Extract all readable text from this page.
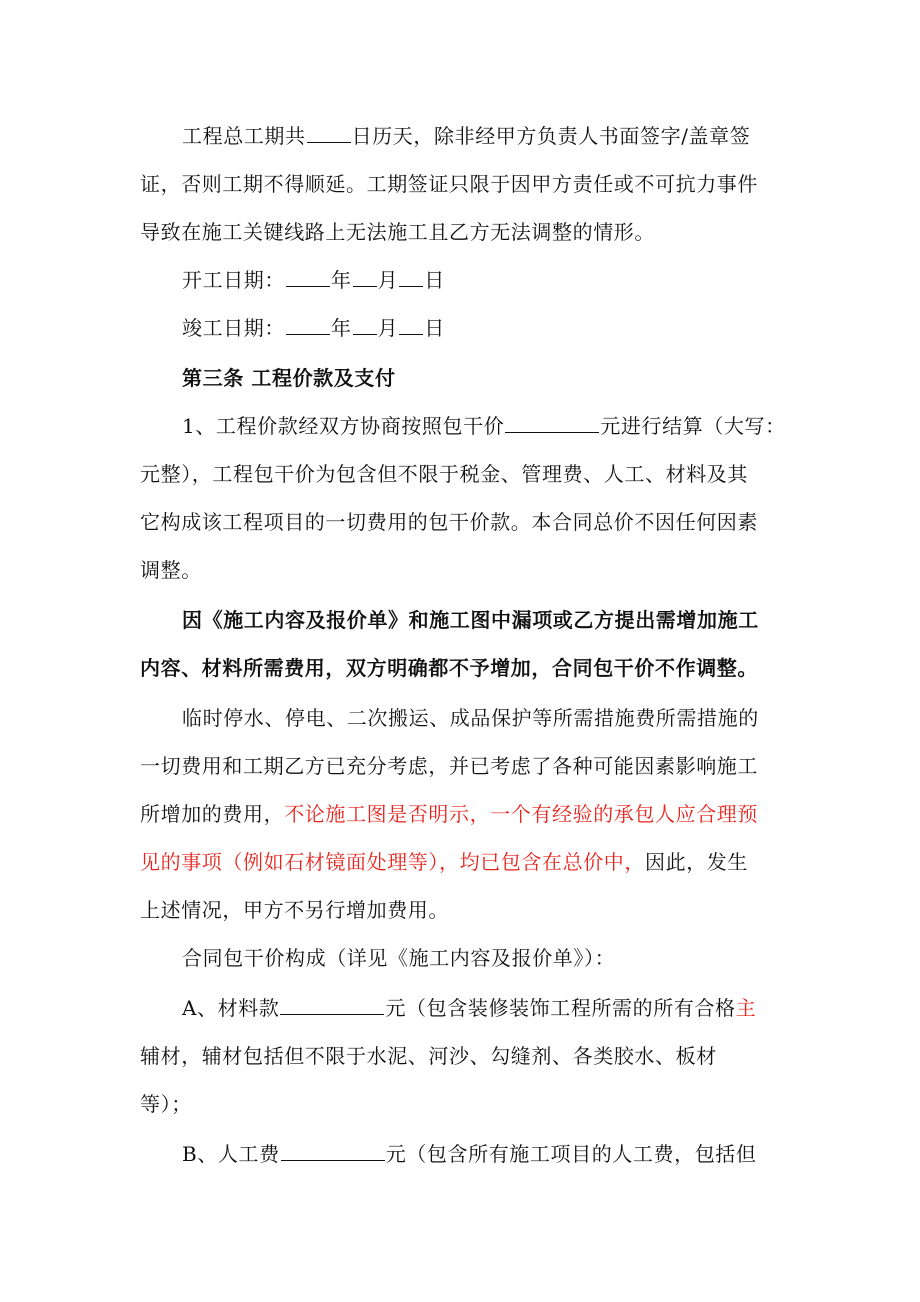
工程总工期共 日历天，除非经甲方负责人书面签字/盖章签
证，否则工期不得顺延。工期签证只限于因甲方责任或不可抗力事件
导致在施工关键线路上无法施工且乙方无法调整的情形。
开工日期： 年 月 日
竣工日期： 年 月 日
第三条 工程价款及支付
1、工程价款经双方协商按照包干价	元进行结算（大写：
元整），工程包干价为包含但不限于税金、管理费、人工、材料及其
它构成该工程项目的一切费用的包干价款。本合同总价不因任何因素
调整。
因《施工内容及报价单》和施工图中漏项或乙方提出需增加施工
内容、材料所需费用，双方明确都不予增加，合同包干价不作调整。
临时停水、停电、二次搬运、成品保护等所需措施费所需措施的
一切费用和工期乙方已充分考虑，并已考虑了各种可能因素影响施工
所增加的费用，不论施工图是否明示，一个有经验的承包人应合理预
见的事项（例如石材镜面处理等），均已包含在总价中，因此，发生
上述情况，甲方不另行增加费用。
合同包干价构成（详见《施工内容及报价单》）：
A、材料款	元（包含装修装饰工程所需的所有合格主
辅材，辅材包括但不限于水泥、河沙、勾缝剂、各类胶水、板材
等）；
B、人工费	元（包含所有施工项目的人工费，包括但
